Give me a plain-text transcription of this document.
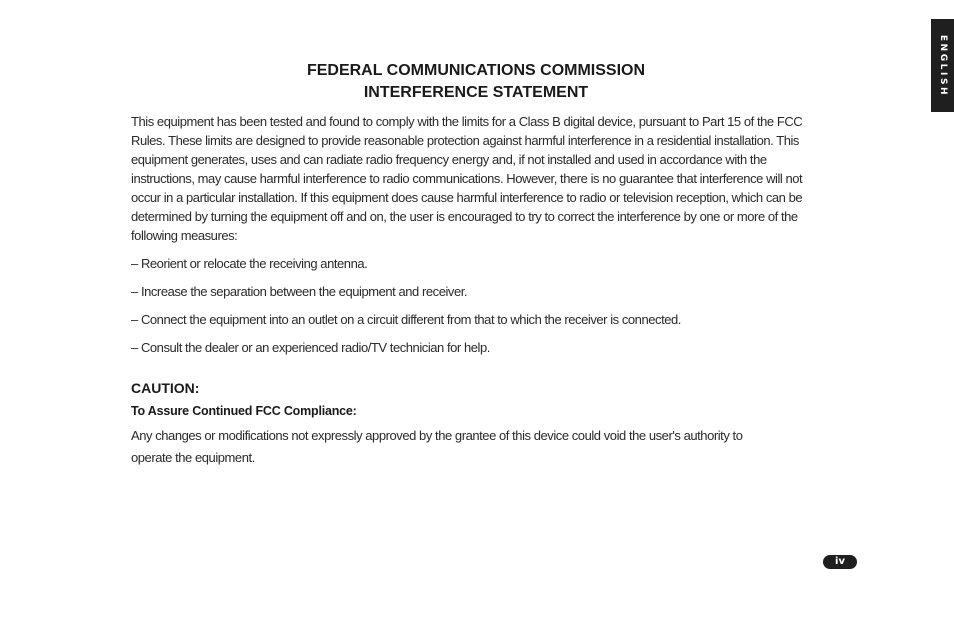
ENGLISH
FEDERAL COMMUNICATIONS COMMISSION
INTERFERENCE STATEMENT

This equipment has been tested and found to comply with the limits for a Class B digital device, pursuant to Part 15 of the FCC Rules. These limits are designed to provide reasonable protection against harmful interference in a residential installation. This equipment generates, uses and can radiate radio frequency energy and, if not installed and used in accordance with the instructions, may cause harmful interference to radio communications. However, there is no guarantee that interference will not occur in a particular installation. If this equipment does cause harmful interference to radio or television reception, which can be determined by turning the equipment off and on, the user is encouraged to try to correct the interference by one or more of the following measures:

– Reorient or relocate the receiving antenna.

– Increase the separation between the equipment and receiver.

– Connect the equipment into an outlet on a circuit different from that to which the receiver is connected.

– Consult the dealer or an experienced radio/TV technician for help.

CAUTION:

To Assure Continued FCC Compliance:

Any changes or modifications not expressly approved by the grantee of this device could void the user's authority to operate the equipment.

iv
